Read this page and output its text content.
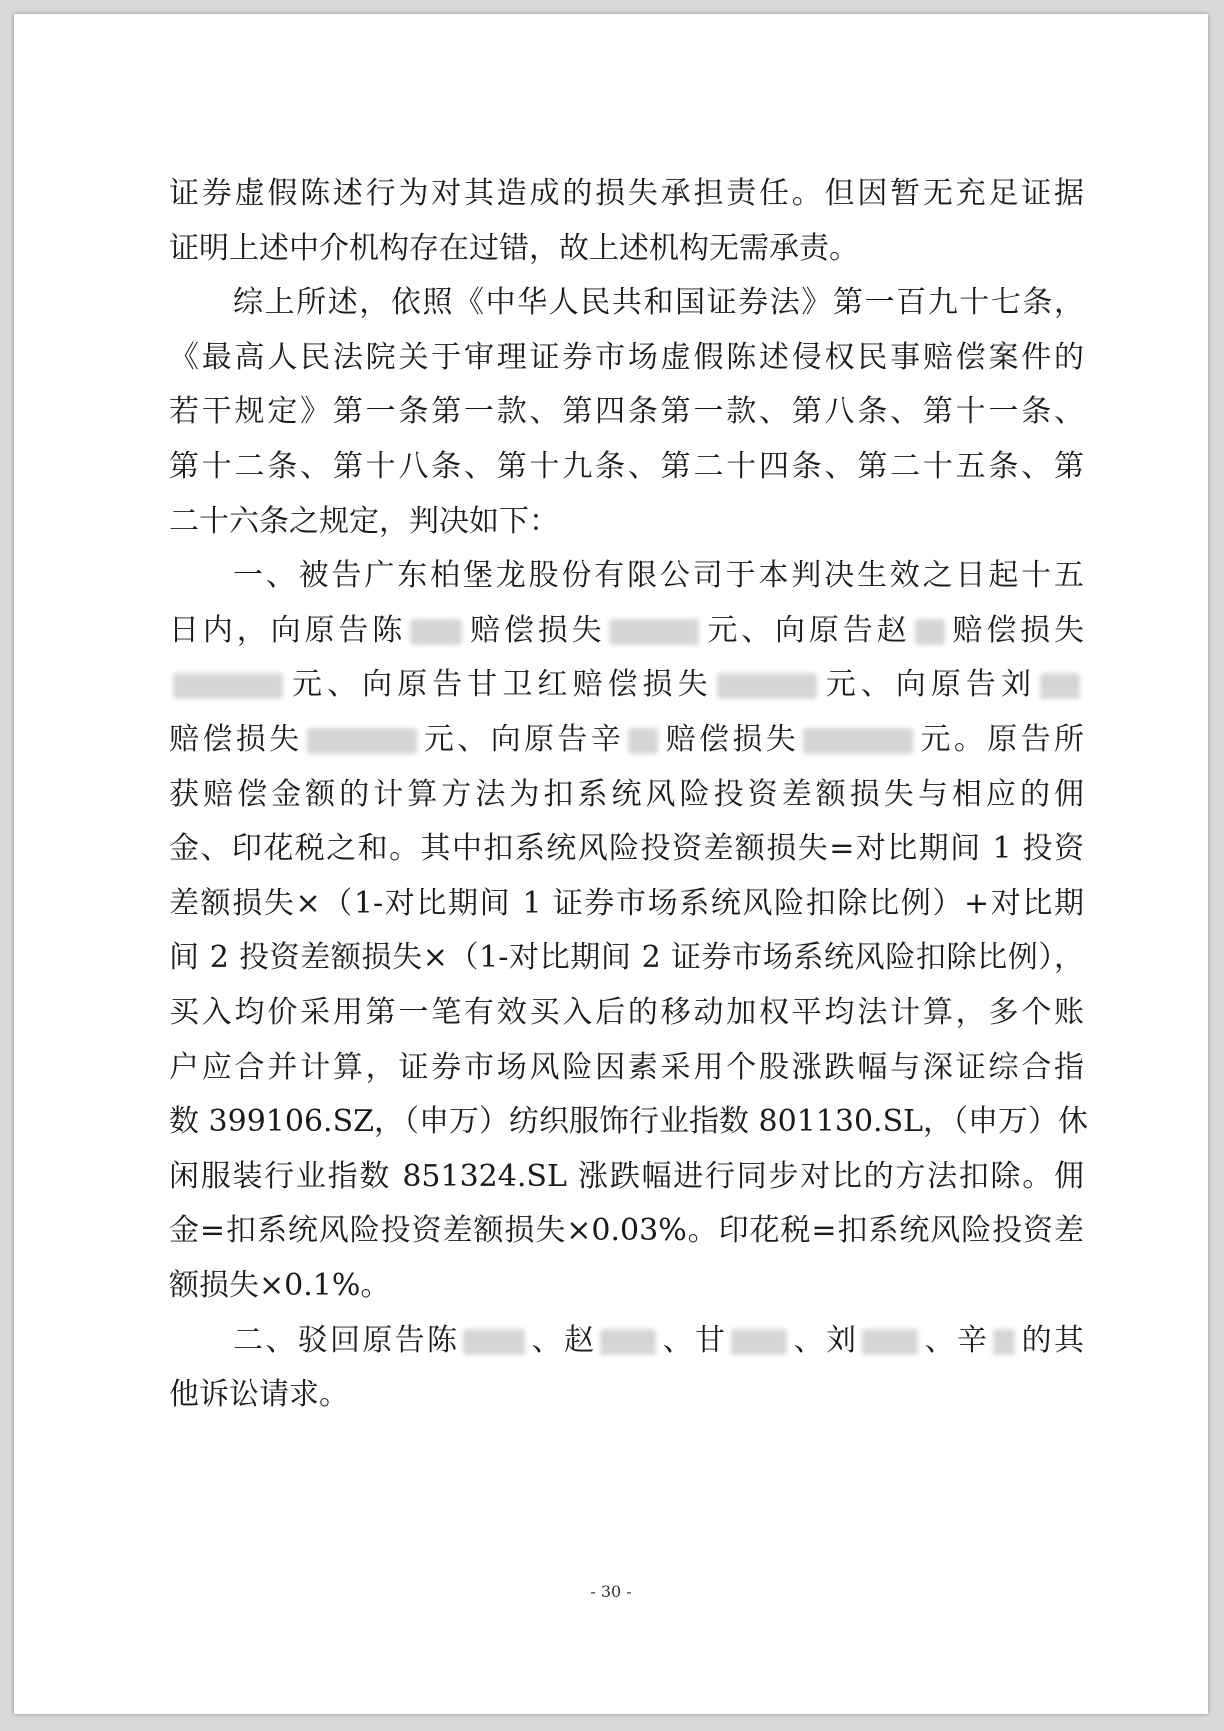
证券虚假陈述行为对其造成的损失承担责任。但因暂无充足证据
证明上述中介机构存在过错，故上述机构无需承责。
综上所述，依照《中华人民共和国证券法》第一百九十七条，
《最高人民法院关于审理证券市场虚假陈述侵权民事赔偿案件的
若干规定》第一条第一款、第四条第一款、第八条、第十一条、
第十二条、第十八条、第十九条、第二十四条、第二十五条、第
二十六条之规定，判决如下：
一、被告广东柏堡龙股份有限公司于本判决生效之日起十五
日内，向原告陈 赔偿损失	元、向原告赵 赔偿损失
元、向原告甘卫红赔偿损失	元、向原告刘
赔偿损失	元、向原告辛 赔偿损失	元。原告所
获赔偿金额的计算方法为扣系统风险投资差额损失与相应的佣
金、印花税之和。其中扣系统风险投资差额损失=对比期间 1 投资
差额损失×（1-对比期间 1 证券市场系统风险扣除比例）+对比期
间 2 投资差额损失×（1-对比期间 2 证券市场系统风险扣除比例），
买入均价采用第一笔有效买入后的移动加权平均法计算，多个账
户应合并计算，证券市场风险因素采用个股涨跌幅与深证综合指
数 399106.SZ，（申万）纺织服饰行业指数 801130.SL，（申万）休
闲服装行业指数 851324.SL 涨跌幅进行同步对比的方法扣除。佣
金=扣系统风险投资差额损失×0.03%。印花税=扣系统风险投资差
额损失×0.1%。
二、驳回原告陈 、赵 、甘 、刘 、辛 的其
他诉讼请求。
- 30 -
